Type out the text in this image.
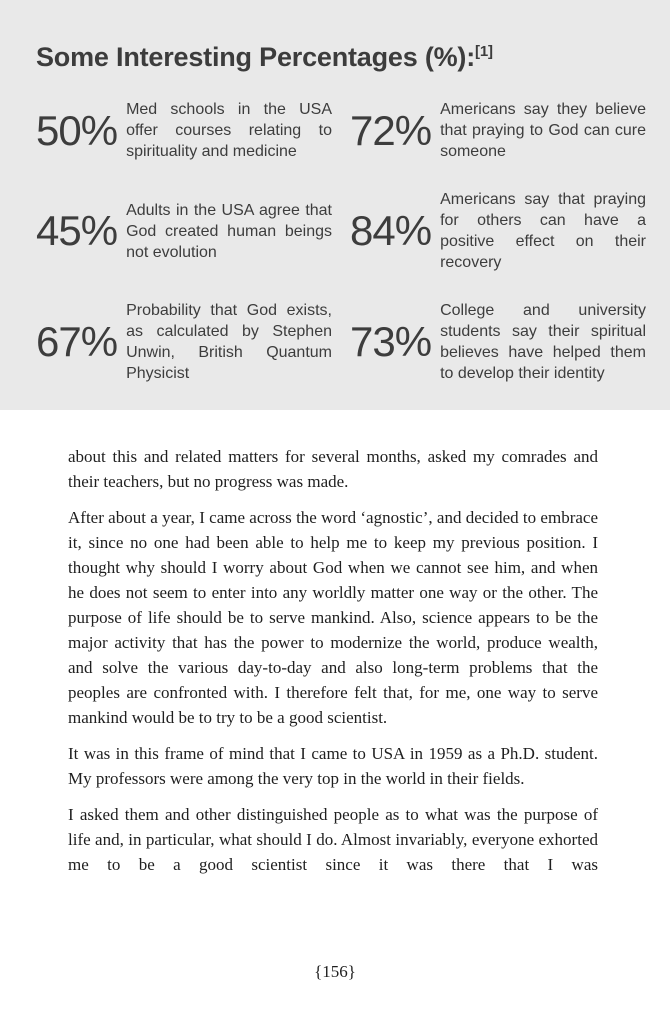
Some Interesting Percentages (%):[1]
50% Med schools in the USA offer courses relating to spirituality and medicine	72% Americans say they believe that praying to God can cure someone
45% Adults in the USA agree that God created human beings not evolution	84%
Americans say that praying for others can have a positive effect on their recovery
67%
Probability that God exists, as calculated by Stephen Unwin, British Quantum Physicist
73%
College and university students say their spiritual believes have helped them to develop their identity

about this and related matters for several months, asked my comrades and their teachers, but no progress was made.

After about a year, I came across the word ‘agnostic’, and decided to embrace it, since no one had been able to help me to keep my previous position. I thought why should I worry about God when we cannot see him, and when he does not seem to enter into any worldly matter one way or the other. The purpose of life should be to serve mankind. Also, science appears to be the major activity that has the power to modernize the world, produce wealth, and solve the various day-to-day and also long-term problems that the peoples are confronted with. I therefore felt that, for me, one way to serve mankind would be to try to be a good scientist.

It was in this frame of mind that I came to USA in 1959 as a Ph.D. student. My professors were among the very top in the world in their fields.

I asked them and other distinguished people as to what was the purpose of life and, in particular, what should I do. Almost invariably, everyone exhorted me to be a good scientist since it was there that I was

{156}
